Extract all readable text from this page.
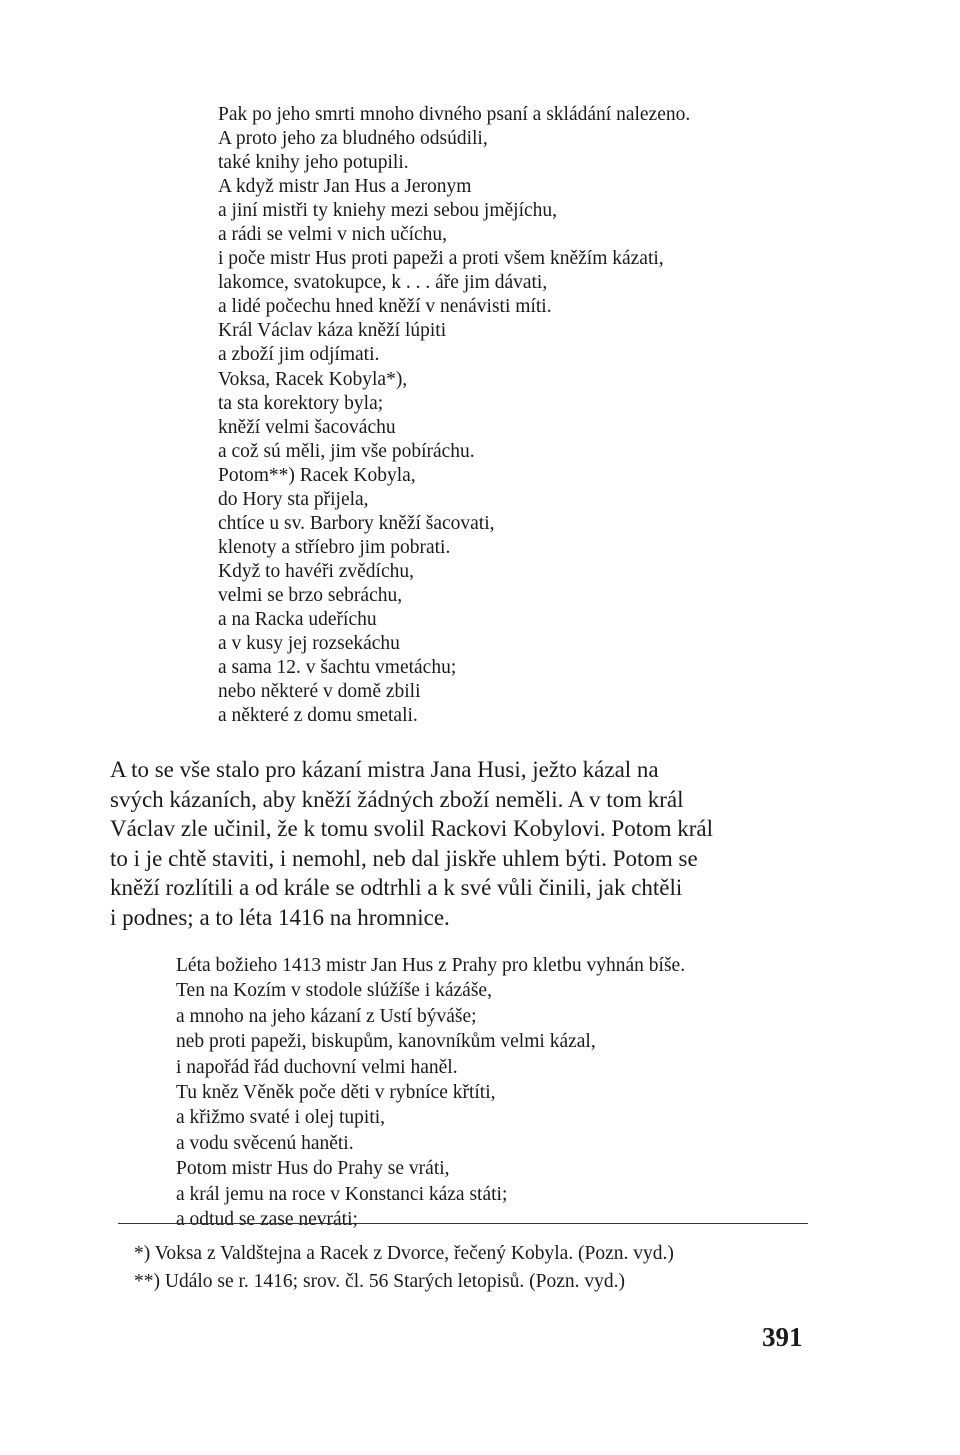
Pak po jeho smrti mnoho divného psaní a skládání nalezeno.
A proto jeho za bludného odsúdili,
také knihy jeho potupili.
A když mistr Jan Hus a Jeronym
a jiní mistři ty kniehy mezi sebou jmějíchu,
a rádi se velmi v nich učíchu,
i poče mistr Hus proti papeži a proti všem kněžím kázati,
lakomce, svatokupce, k . . . áře jim dávati,
a lidé počechu hned kněží v nenávisti míti.
Král Václav káza kněží lúpiti
a zboží jim odjímati.
Voksa, Racek Kobyla*),
ta sta korektory byla;
kněží velmi šacováchu
a což sú měli, jim vše pobíráchu.
Potom**) Racek Kobyla,
do Hory sta přijela,
chtíce u sv. Barbory kněží šacovati,
klenoty a stříebro jim pobrati.
Když to havéři zvědíchu,
velmi se brzo sebráchu,
a na Racka udeříchu
a v kusy jej rozsekáchu
a sama 12. v šachtu vmetáchu;
nebo některé v domě zbili
a některé z domu smetali.
A to se vše stalo pro kázaní mistra Jana Husi, ježto kázal na
svých kázaních, aby kněží žádných zboží neměli. A v tom král
Václav zle učinil, že k tomu svolil Rackovi Kobylovi. Potom král
to i je chtě staviti, i nemohl, neb dal jiskře uhlem býti. Potom se
kněží rozlítili a od krále se odtrhli a k své vůli činili, jak chtěli
i podnes; a to léta 1416 na hromnice.
Léta božieho 1413 mistr Jan Hus z Prahy pro kletbu vyhnán bíše.
Ten na Kozím v stodole slúžíše i kázáše,
a mnoho na jeho kázaní z Ustí býváše;
neb proti papeži, biskupům, kanovníkům velmi kázal,
i napořád řád duchovní velmi haněl.
Tu kněz Věněk poče děti v rybníce křtíti,
a křižmo svaté i olej tupiti,
a vodu svěcenú haněti.
Potom mistr Hus do Prahy se vráti,
a král jemu na roce v Konstanci káza státi;
a odtud se zase nevráti;
*) Voksa z Valdštejna a Racek z Dvorce, řečený Kobyla. (Pozn. vyd.)
**) Událo se r. 1416; srov. čl. 56 Starých letopisů. (Pozn. vyd.)
391
